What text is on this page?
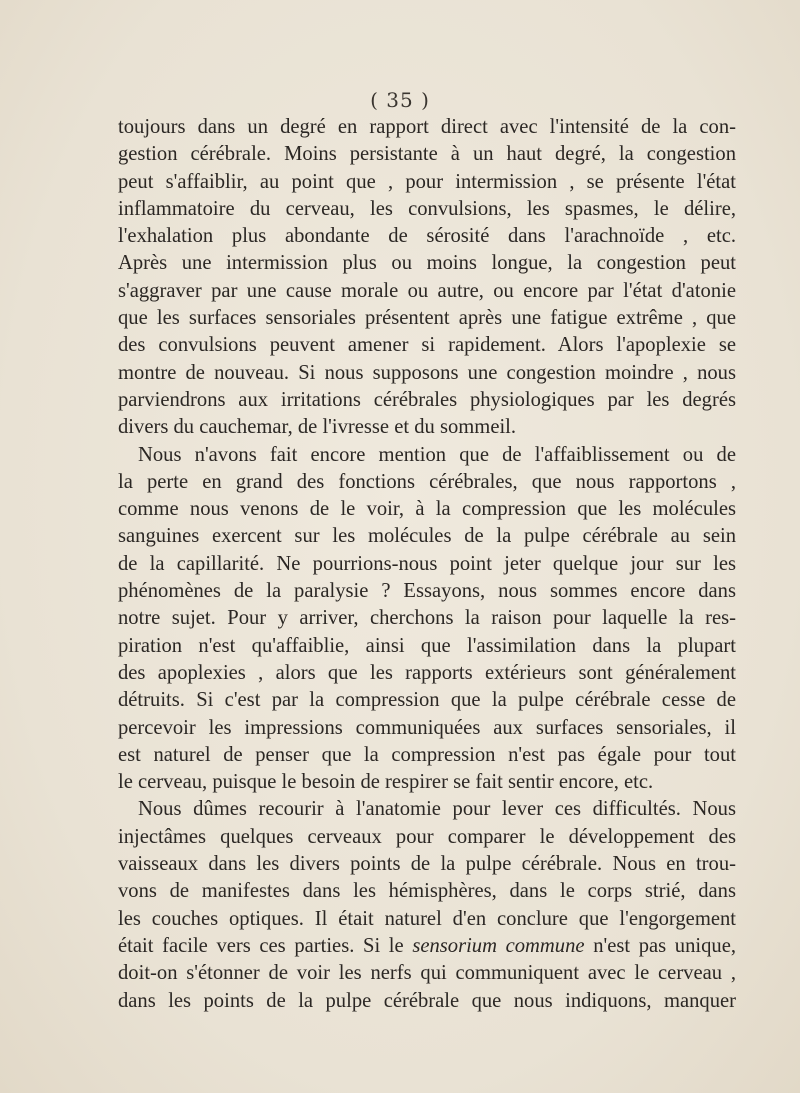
( 35 )
toujours dans un degré en rapport direct avec l'intensité de la con-
gestion cérébrale. Moins persistante à un haut degré, la congestion
peut s'affaiblir, au point que , pour intermission , se présente l'état
inflammatoire du cerveau, les convulsions, les spasmes, le délire,
l'exhalation plus abondante de sérosité dans l'arachnoïde , etc.
Après une intermission plus ou moins longue, la congestion peut
s'aggraver par une cause morale ou autre, ou encore par l'état d'atonie
que les surfaces sensoriales présentent après une fatigue extrême , que
des convulsions peuvent amener si rapidement. Alors l'apoplexie se
montre de nouveau. Si nous supposons une congestion moindre , nous
parviendrons aux irritations cérébrales physiologiques par les degrés
divers du cauchemar, de l'ivresse et du sommeil.
Nous n'avons fait encore mention que de l'affaiblissement ou de
la perte en grand des fonctions cérébrales, que nous rapportons ,
comme nous venons de le voir, à la compression que les molécules
sanguines exercent sur les molécules de la pulpe cérébrale au sein
de la capillarité. Ne pourrions-nous point jeter quelque jour sur les
phénomènes de la paralysie ? Essayons, nous sommes encore dans
notre sujet. Pour y arriver, cherchons la raison pour laquelle la res-
piration n'est qu'affaiblie, ainsi que l'assimilation dans la plupart
des apoplexies , alors que les rapports extérieurs sont généralement
détruits. Si c'est par la compression que la pulpe cérébrale cesse de
percevoir les impressions communiquées aux surfaces sensoriales, il
est naturel de penser que la compression n'est pas égale pour tout
le cerveau, puisque le besoin de respirer se fait sentir encore, etc.
Nous dûmes recourir à l'anatomie pour lever ces difficultés. Nous
injectâmes quelques cerveaux pour comparer le développement des
vaisseaux dans les divers points de la pulpe cérébrale. Nous en trou-
vons de manifestes dans les hémisphères, dans le corps strié, dans
les couches optiques. Il était naturel d'en conclure que l'engorgement
était facile vers ces parties. Si le sensorium commune n'est pas unique,
doit-on s'étonner de voir les nerfs qui communiquent avec le cerveau ,
dans les points de la pulpe cérébrale que nous indiquons, manquer
